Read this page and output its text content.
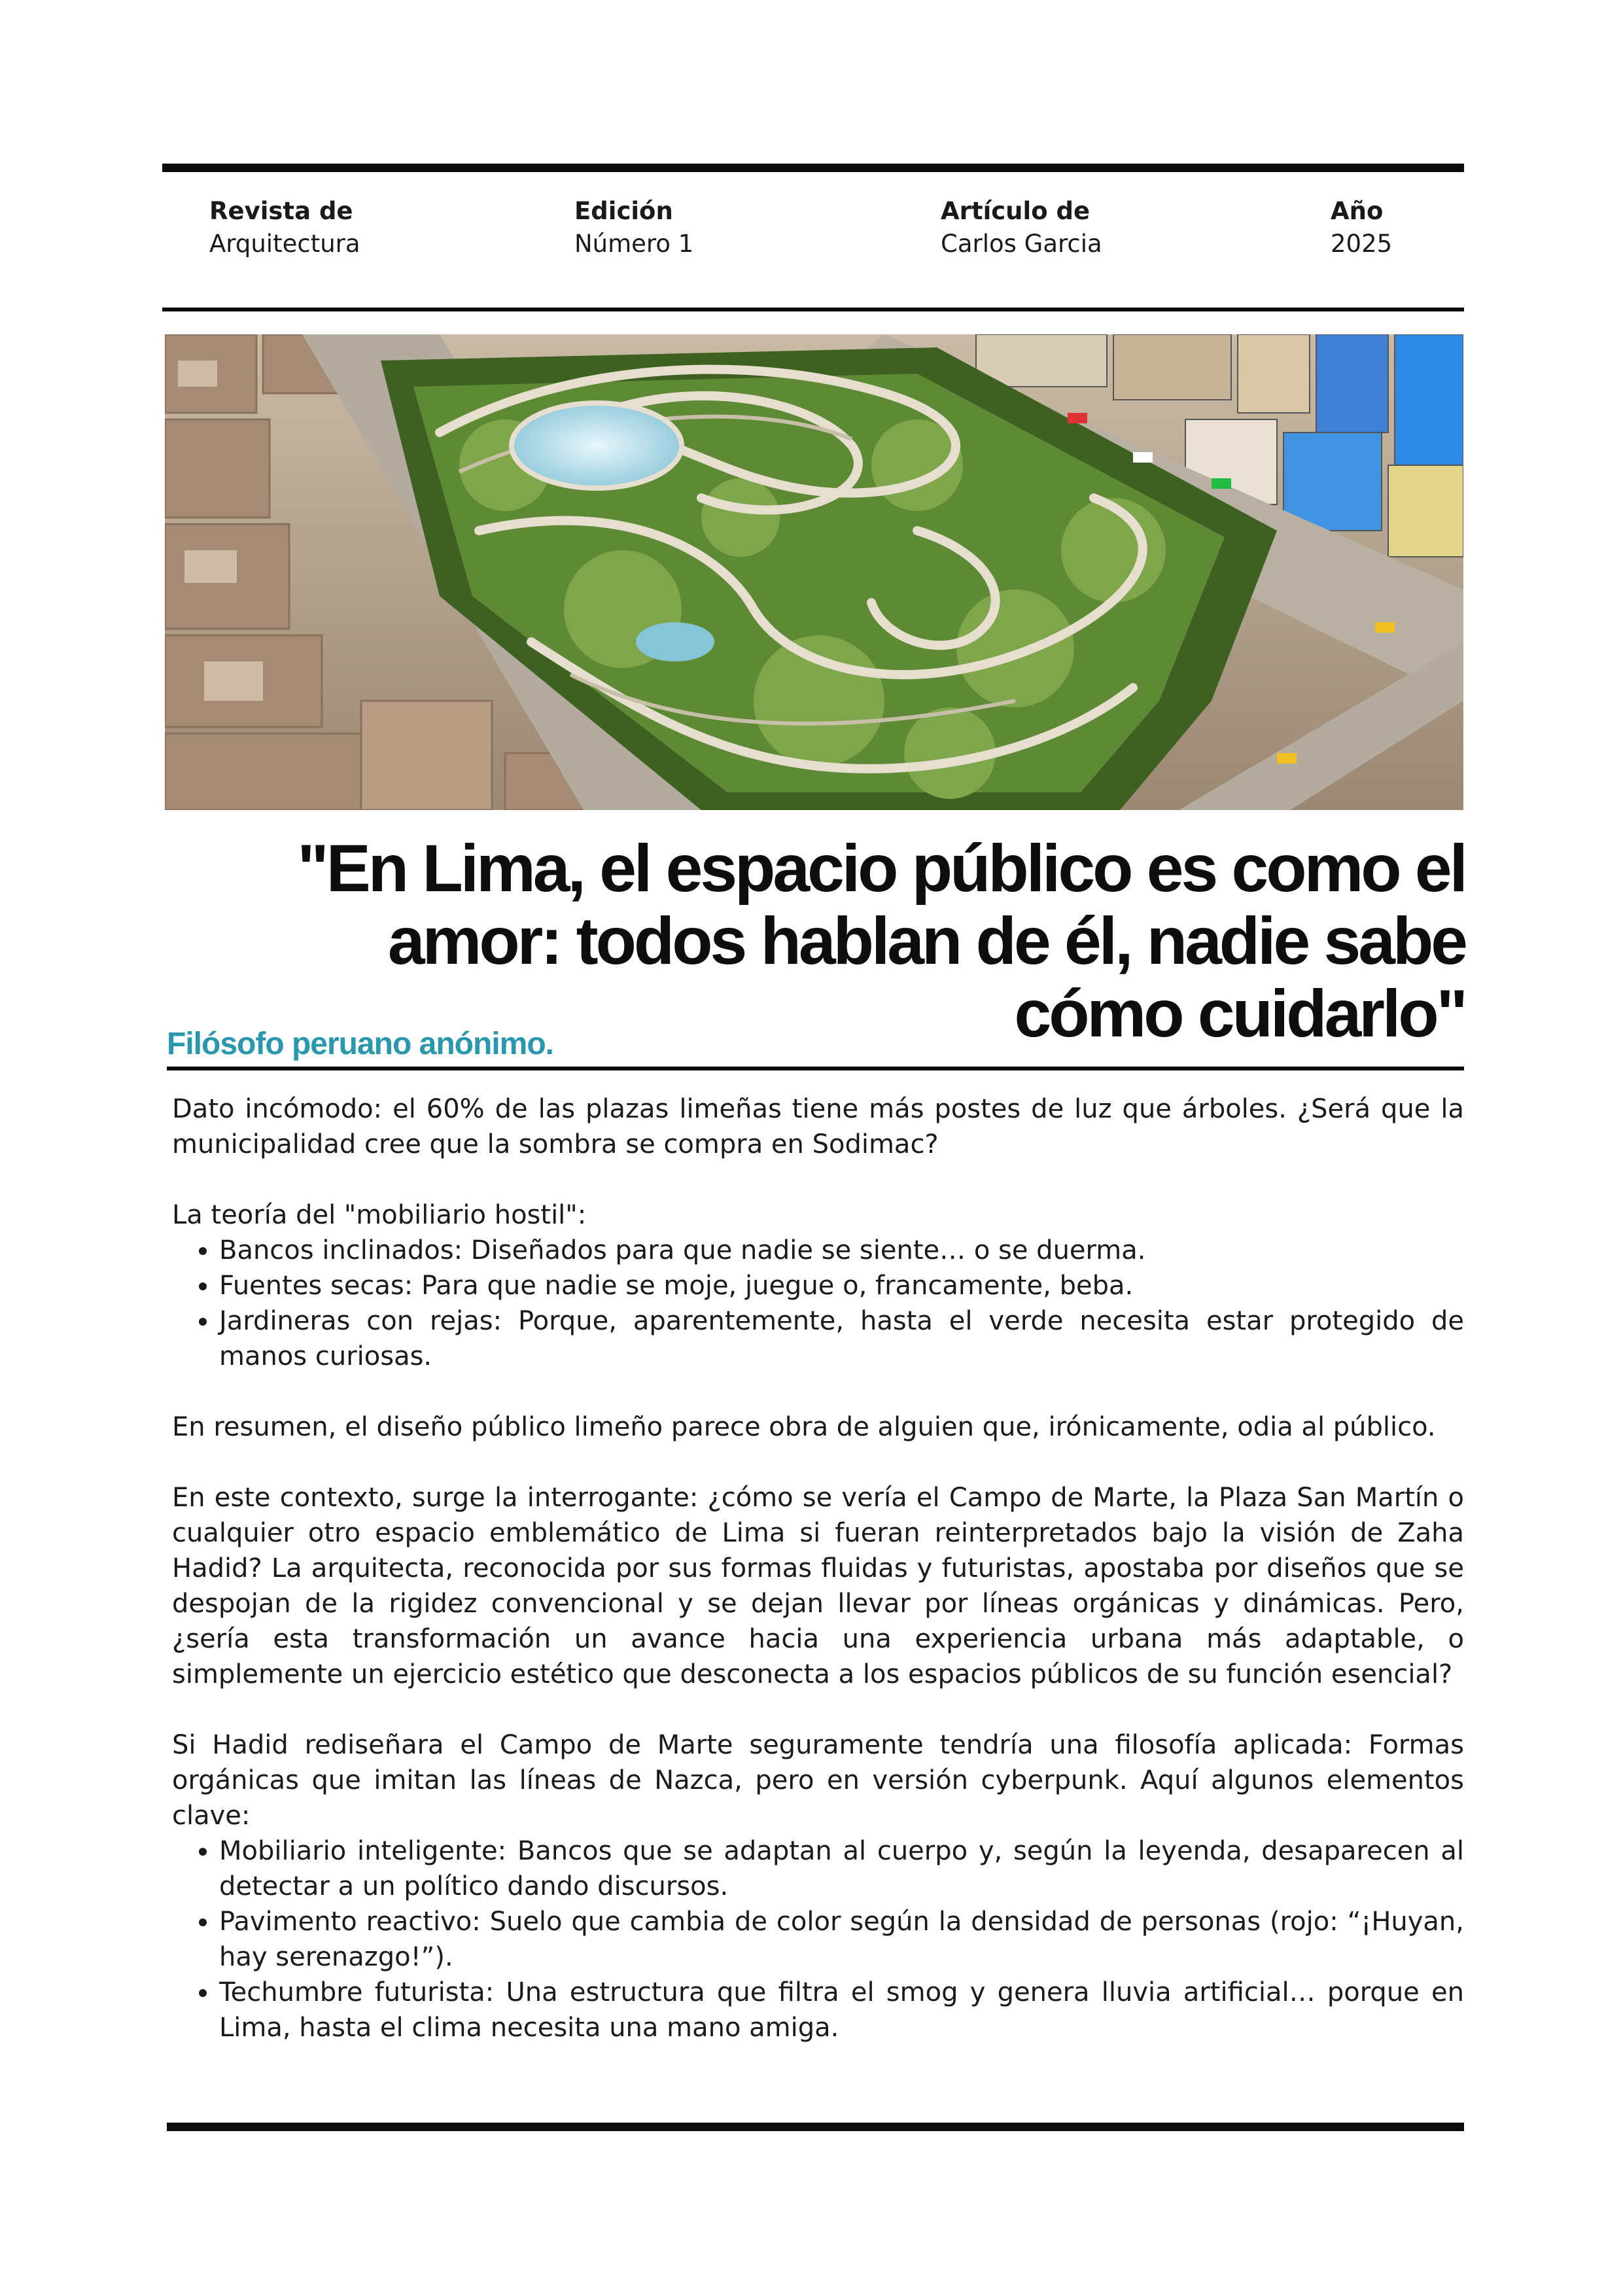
Revista de
Arquitectura
Edición
Número 1
Artículo de
Carlos Garcia
Año
2025
"En Lima, el espacio público es como el
amor: todos hablan de él, nadie sabe
cómo cuidarlo"
Filósofo peruano anónimo.

Dato incómodo: el 60% de las plazas limeñas tiene más postes de luz que árboles. ¿Será que la municipalidad cree que la sombra se compra en Sodimac?

La teoría del "mobiliario hostil":

• Bancos inclinados: Diseñados para que nadie se siente… o se duerma.
• Fuentes secas: Para que nadie se moje, juegue o, francamente, beba.
• Jardineras con rejas: Porque, aparentemente, hasta el verde necesita estar protegido de manos curiosas.

En resumen, el diseño público limeño parece obra de alguien que, irónicamente, odia al público.

En este contexto, surge la interrogante: ¿cómo se vería el Campo de Marte, la Plaza San Martín o cualquier otro espacio emblemático de Lima si fueran reinterpretados bajo la visión de Zaha Hadid? La arquitecta, reconocida por sus formas fluidas y futuristas, apostaba por diseños que se despojan de la rigidez convencional y se dejan llevar por líneas orgánicas y dinámicas. Pero, ¿sería esta transformación un avance hacia una experiencia urbana más adaptable, o simplemente un ejercicio estético que desconecta a los espacios públicos de su función esencial?

Si Hadid rediseñara el Campo de Marte seguramente tendría una filosofía aplicada: Formas orgánicas que imitan las líneas de Nazca, pero en versión cyberpunk. Aquí algunos elementos clave:

• Mobiliario inteligente: Bancos que se adaptan al cuerpo y, según la leyenda, desaparecen al detectar a un político dando discursos.
• Pavimento reactivo: Suelo que cambia de color según la densidad de personas (rojo: “¡Huyan, hay serenazgo!”).
• Techumbre futurista: Una estructura que filtra el smog y genera lluvia artificial… porque en Lima, hasta el clima necesita una mano amiga.
